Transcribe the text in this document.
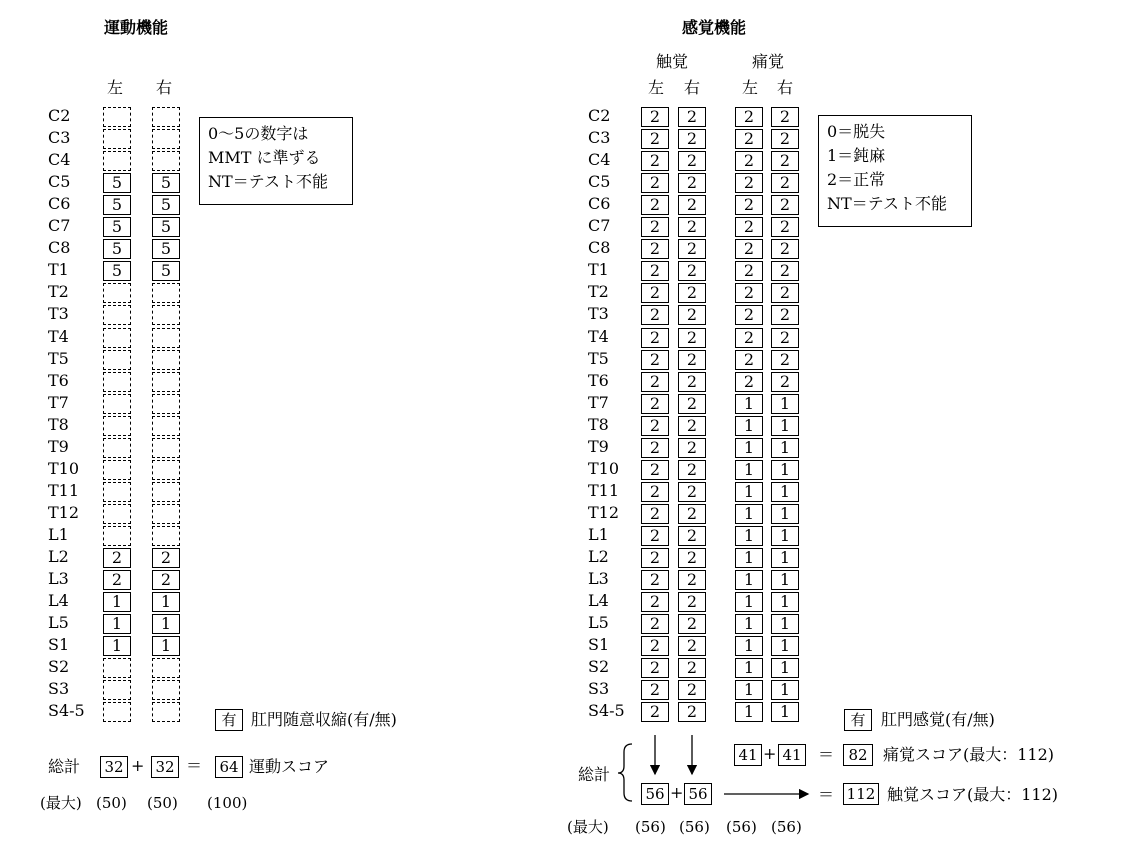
運動機能
左 右
C2
C3
C4
C5	5	5
C6	5	5
C7	5	5
C8	5	5
T1	5	5
T2
T3
T4
T5
T6
T7
T8
T9
T10
T11
T12
L1
L2	2	2
L3	2	2
L4	1	1
L5	1	1
S1	1	1
S2
S3
S4-5
0～5の数字は
MMT に準ずる
NT＝テスト不能
有 肛門随意収縮(有/無)
総計 32 + 32 ＝ 64 運動スコア
(最大) (50) (50) (100)
感覚機能
触覚	痛覚
左 右	左 右
C2	2	2	2	2
C3	2	2	2	2
C4	2	2	2	2
C5	2	2	2	2
C6	2	2	2	2
C7	2	2	2	2
C8	2	2	2	2
T1	2	2	2	2
T2	2	2	2	2
T3	2	2	2	2
T4	2	2	2	2
T5	2	2	2	2
T6	2	2	2	2
T7	2	2	1	1
T8	2	2	1	1
T9	2	2	1	1
T10	2	2	1	1
T11	2	2	1	1
T12	2	2	1	1
L1	2	2	1	1
L2	2	2	1	1
L3	2	2	1	1
L4	2	2	1	1
L5	2	2	1	1
S1	2	2	1	1
S2	2	2	1	1
S3	2	2	1	1
S4-5	2	2	1	1
0＝脱失
1＝鈍麻
2＝正常
NT＝テスト不能
有 肛門感覚(有/無)
41 + 41 ＝ 82 痛覚スコア(最大：112)
総計
56 + 56	＝ 112 触覚スコア(最大：112)
(最大) (56) (56) (56) (56)
